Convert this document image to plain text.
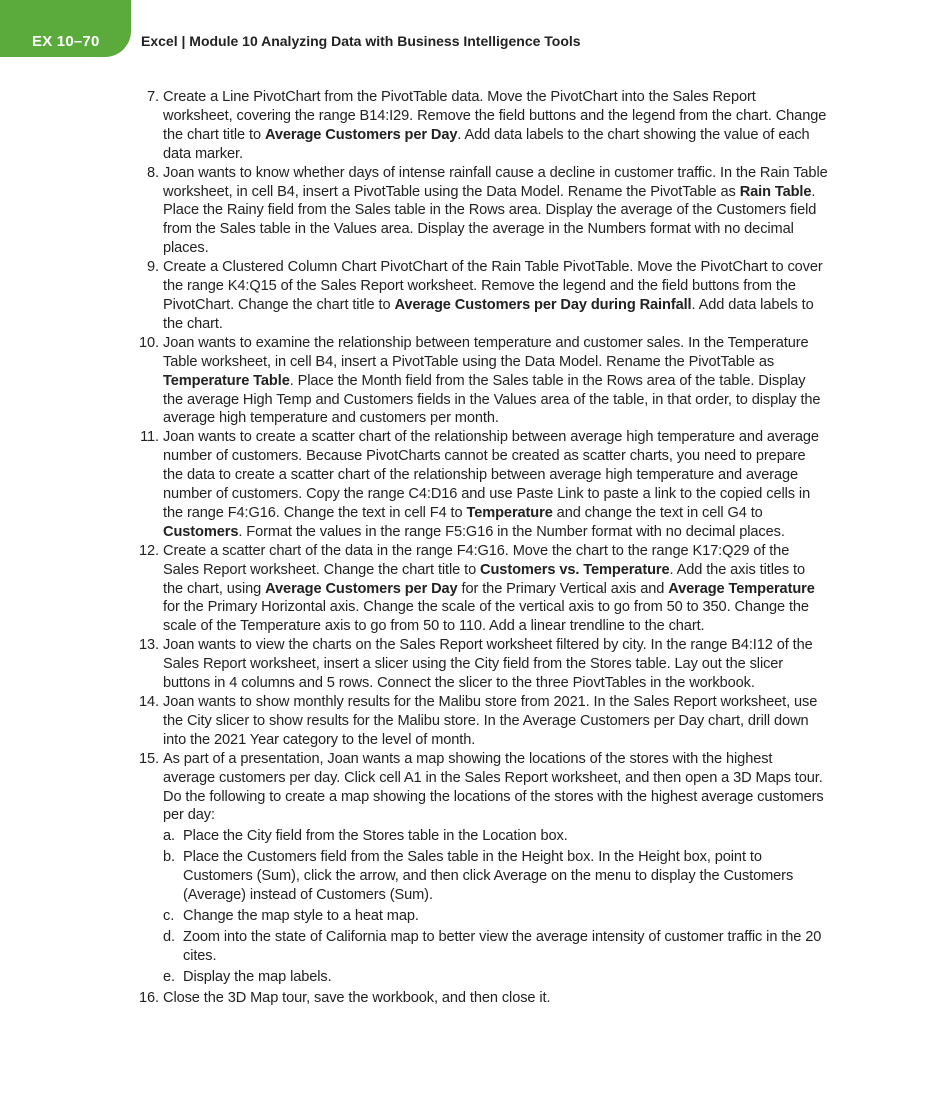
EX 10–70	Excel | Module 10 Analyzing Data with Business Intelligence Tools
7. Create a Line PivotChart from the PivotTable data. Move the PivotChart into the Sales Report worksheet, covering the range B14:I29. Remove the field buttons and the legend from the chart. Change the chart title to Average Customers per Day. Add data labels to the chart showing the value of each data marker.
8. Joan wants to know whether days of intense rainfall cause a decline in customer traffic. In the Rain Table worksheet, in cell B4, insert a PivotTable using the Data Model. Rename the PivotTable as Rain Table. Place the Rainy field from the Sales table in the Rows area. Display the average of the Customers field from the Sales table in the Values area. Display the average in the Numbers format with no decimal places.
9. Create a Clustered Column Chart PivotChart of the Rain Table PivotTable. Move the PivotChart to cover the range K4:Q15 of the Sales Report worksheet. Remove the legend and the field buttons from the PivotChart. Change the chart title to Average Customers per Day during Rainfall. Add data labels to the chart.
10. Joan wants to examine the relationship between temperature and customer sales. In the Temperature Table worksheet, in cell B4, insert a PivotTable using the Data Model. Rename the PivotTable as Temperature Table. Place the Month field from the Sales table in the Rows area of the table. Display the average High Temp and Customers fields in the Values area of the table, in that order, to display the average high temperature and customers per month.
11. Joan wants to create a scatter chart of the relationship between average high temperature and average number of customers. Because PivotCharts cannot be created as scatter charts, you need to prepare the data to create a scatter chart of the relationship between average high temperature and average number of customers. Copy the range C4:D16 and use Paste Link to paste a link to the copied cells in the range F4:G16. Change the text in cell F4 to Temperature and change the text in cell G4 to Customers. Format the values in the range F5:G16 in the Number format with no decimal places.
12. Create a scatter chart of the data in the range F4:G16. Move the chart to the range K17:Q29 of the Sales Report worksheet. Change the chart title to Customers vs. Temperature. Add the axis titles to the chart, using Average Customers per Day for the Primary Vertical axis and Average Temperature for the Primary Horizontal axis. Change the scale of the vertical axis to go from 50 to 350. Change the scale of the Temperature axis to go from 50 to 110. Add a linear trendline to the chart.
13. Joan wants to view the charts on the Sales Report worksheet filtered by city. In the range B4:I12 of the Sales Report worksheet, insert a slicer using the City field from the Stores table. Lay out the slicer buttons in 4 columns and 5 rows. Connect the slicer to the three PiovtTables in the workbook.
14. Joan wants to show monthly results for the Malibu store from 2021. In the Sales Report worksheet, use the City slicer to show results for the Malibu store. In the Average Customers per Day chart, drill down into the 2021 Year category to the level of month.
15. As part of a presentation, Joan wants a map showing the locations of the stores with the highest average customers per day. Click cell A1 in the Sales Report worksheet, and then open a 3D Maps tour. Do the following to create a map showing the locations of the stores with the highest average customers per day:
a. Place the City field from the Stores table in the Location box.
b. Place the Customers field from the Sales table in the Height box. In the Height box, point to Customers (Sum), click the arrow, and then click Average on the menu to display the Customers (Average) instead of Customers (Sum).
c. Change the map style to a heat map.
d. Zoom into the state of California map to better view the average intensity of customer traffic in the 20 cites.
e. Display the map labels.
16. Close the 3D Map tour, save the workbook, and then close it.
